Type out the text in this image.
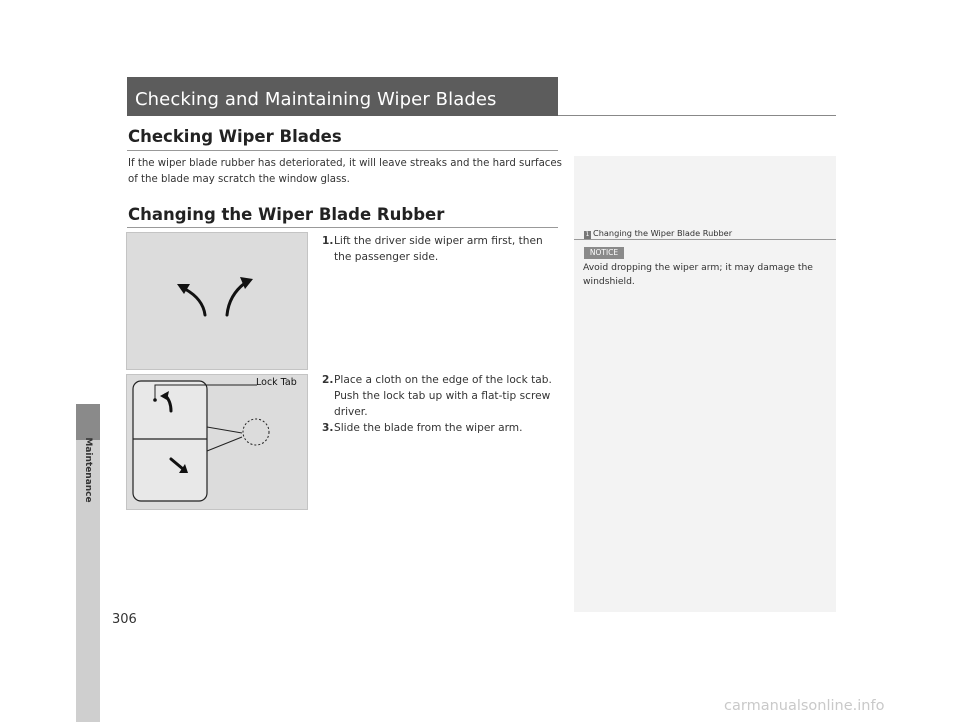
Maintenance
306
Checking and Maintaining Wiper Blades
Checking Wiper Blades

If the wiper blade rubber has deteriorated, it will leave streaks and the hard surfaces of the blade may scratch the window glass.

Changing the Wiper Blade Rubber
1. Lift the driver side wiper arm first, then the passenger side.
2. Place a cloth on the edge of the lock tab. Push the lock tab up with a flat-tip screw driver.
3. Slide the blade from the wiper arm.
Lock Tab
1 Changing the Wiper Blade Rubber
NOTICE

Avoid dropping the wiper arm; it may damage the windshield.

carmanualsonline.info
